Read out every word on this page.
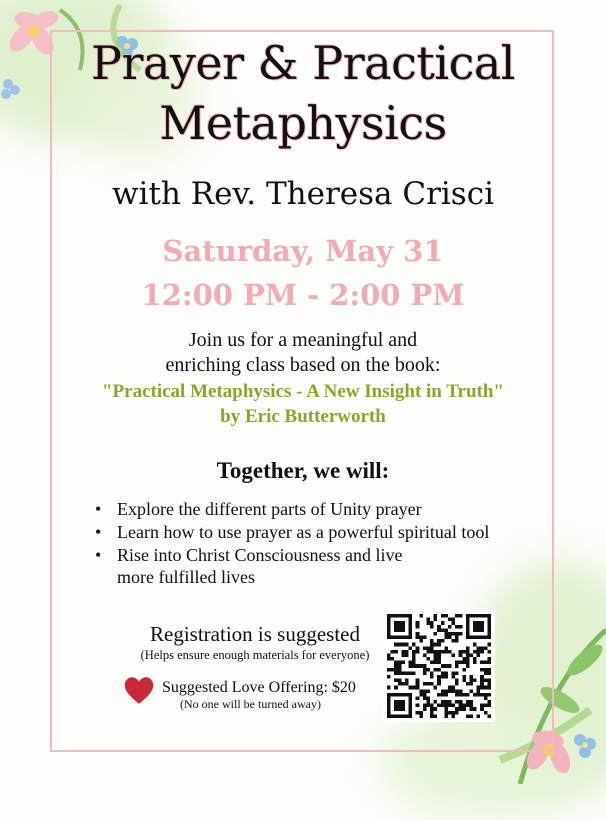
Prayer & Practical
Metaphysics
with Rev. Theresa Crisci
Saturday, May 31
12:00 PM - 2:00 PM
Join us for a meaningful and
enriching class based on the book:
"Practical Metaphysics - A New Insight in Truth"
by Eric Butterworth
Together, we will:
• Explore the different parts of Unity prayer
• Learn how to use prayer as a powerful spiritual tool
• Rise into Christ Consciousness and live
more fulfilled lives
Registration is suggested
(Helps ensure enough materials for everyone)
Suggested Love Offering: $20
(No one will be turned away)
